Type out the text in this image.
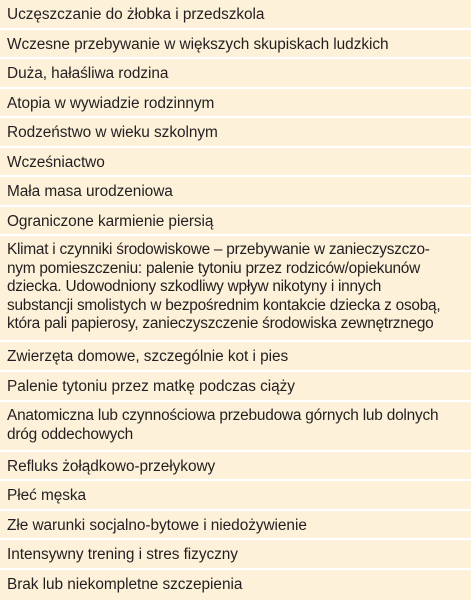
Uczęszczanie do żłobka i przedszkola
Wczesne przebywanie w większych skupiskach ludzkich
Duża, hałaśliwa rodzina
Atopia w wywiadzie rodzinnym
Rodzeństwo w wieku szkolnym
Wcześniactwo
Mała masa urodzeniowa
Ograniczone karmienie piersią
Klimat i czynniki środowiskowe – przebywanie w zanieczyszczo-
nym pomieszczeniu: palenie tytoniu przez rodziców/opiekunów
dziecka. Udowodniony szkodliwy wpływ nikotyny i innych
substancji smolistych w bezpośrednim kontakcie dziecka z osobą,
która pali papierosy, zanieczyszczenie środowiska zewnętrznego
Zwierzęta domowe, szczególnie kot i pies
Palenie tytoniu przez matkę podczas ciąży
Anatomiczna lub czynnościowa przebudowa górnych lub dolnych
dróg oddechowych
Refluks żołądkowo-przełykowy
Płeć męska
Złe warunki socjalno-bytowe i niedożywienie
Intensywny trening i stres fizyczny
Brak lub niekompletne szczepienia
